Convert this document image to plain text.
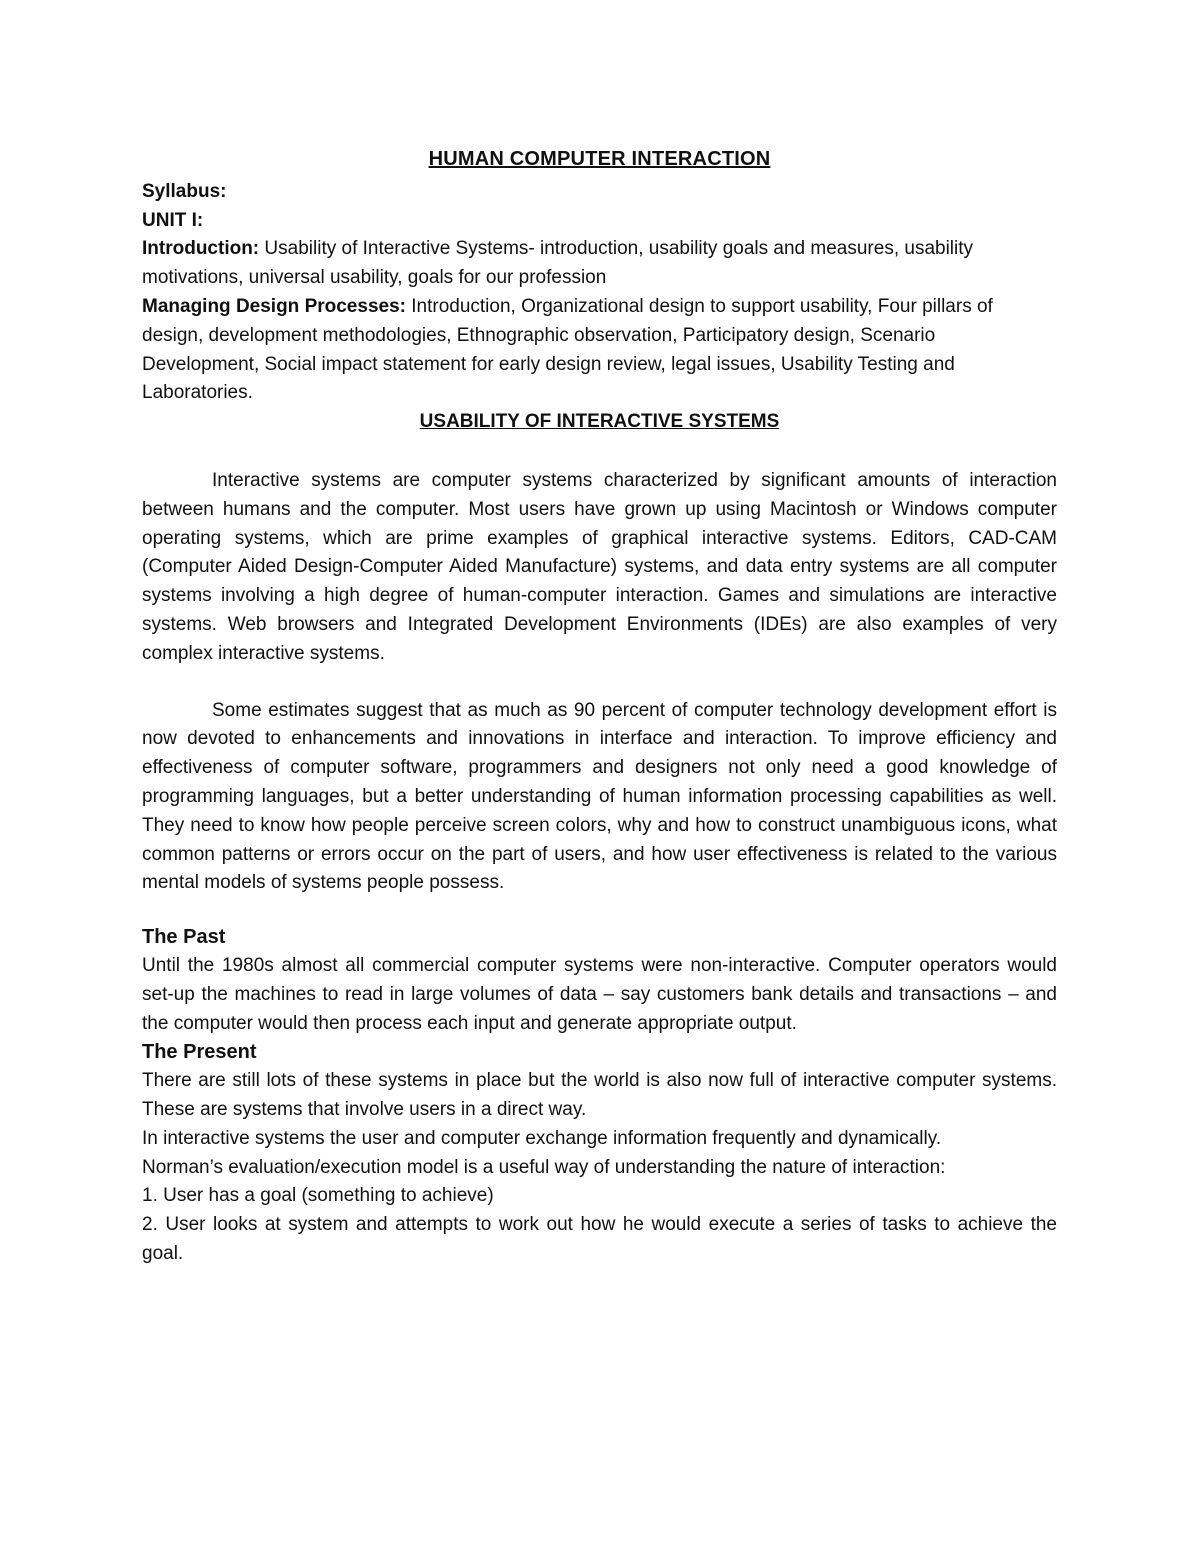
HUMAN COMPUTER INTERACTION
Syllabus:
UNIT I:

Introduction: Usability of Interactive Systems- introduction, usability goals and measures, usability motivations, universal usability, goals for our profession

Managing Design Processes: Introduction, Organizational design to support usability, Four pillars of design, development methodologies, Ethnographic observation, Participatory design, Scenario Development, Social impact statement for early design review, legal issues, Usability Testing and Laboratories.

USABILITY OF INTERACTIVE SYSTEMS

Interactive systems are computer systems characterized by significant amounts of interaction between humans and the computer. Most users have grown up using Macintosh or Windows computer operating systems, which are prime examples of graphical interactive systems. Editors, CAD-CAM (Computer Aided Design-Computer Aided Manufacture) systems, and data entry systems are all computer systems involving a high degree of human-computer interaction. Games and simulations are interactive systems. Web browsers and Integrated Development Environments (IDEs) are also examples of very complex interactive systems.

Some estimates suggest that as much as 90 percent of computer technology development effort is now devoted to enhancements and innovations in interface and interaction. To improve efficiency and effectiveness of computer software, programmers and designers not only need a good knowledge of programming languages, but a better understanding of human information processing capabilities as well. They need to know how people perceive screen colors, why and how to construct unambiguous icons, what common patterns or errors occur on the part of users, and how user effectiveness is related to the various mental models of systems people possess.

The Past

Until the 1980s almost all commercial computer systems were non-interactive. Computer operators would set-up the machines to read in large volumes of data – say customers bank details and transactions – and the computer would then process each input and generate appropriate output.

The Present

There are still lots of these systems in place but the world is also now full of interactive computer systems. These are systems that involve users in a direct way.

In interactive systems the user and computer exchange information frequently and dynamically.

Norman’s evaluation/execution model is a useful way of understanding the nature of interaction:

1. User has a goal (something to achieve)

2. User looks at system and attempts to work out how he would execute a series of tasks to achieve the goal.
